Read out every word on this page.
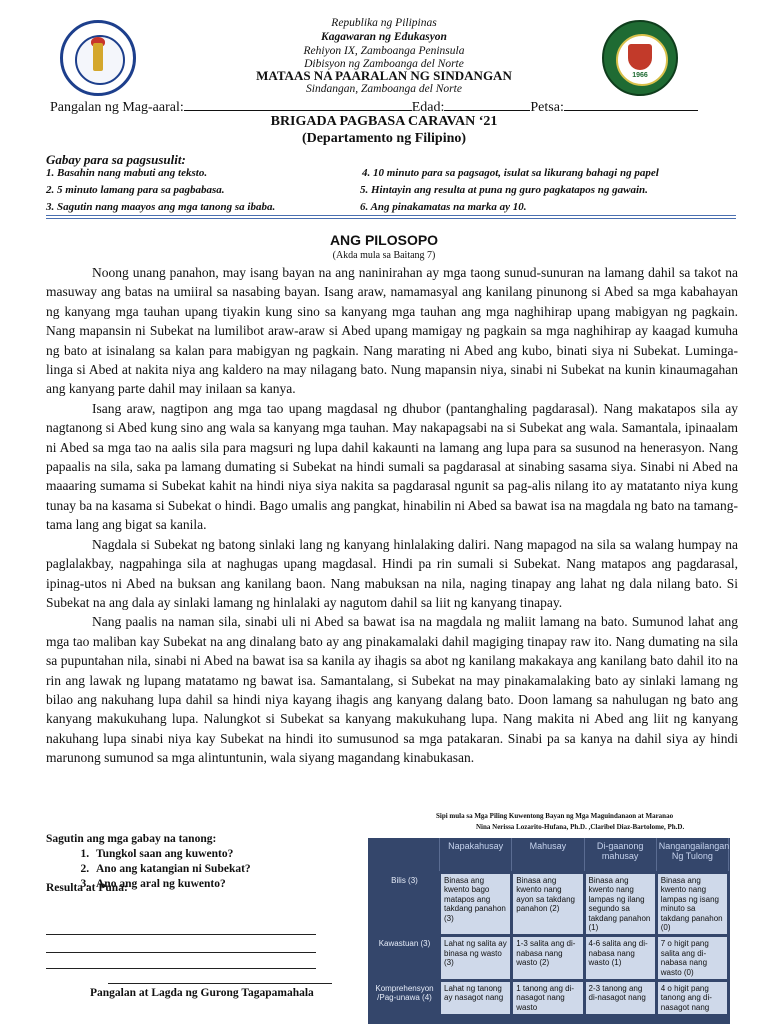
1966
Republika ng Pilipinas
Kagawaran ng Edukasyon
Rehiyon IX, Zamboanga Peninsula
Dibisyon ng Zamboanga del Norte
MATAAS NA PAARALAN NG SINDANGAN
Sindangan, Zamboanga del Norte
Pangalan ng Mag-aaral:	Edad:	Petsa:
BRIGADA PAGBASA CARAVAN ‘21
(Departamento ng Filipino)
Gabay para sa pagsusulit:
1. Basahin nang mabuti ang teksto.
2. 5 minuto lamang para sa pagbabasa.
3. Sagutin nang maayos ang mga tanong sa ibaba.
4. 10 minuto para sa pagsagot, isulat sa likurang bahagi ng papel
5. Hintayin ang resulta at puna ng guro pagkatapos ng gawain.
6. Ang pinakamatas na marka ay 10.
ANG PILOSOPO
(Akda mula sa Baitang 7)

Noong unang panahon, may isang bayan na ang naninirahan ay mga taong sunud-sunuran na lamang dahil sa takot na masuway ang batas na umiiral sa nasabing bayan. Isang araw, namamasyal ang kanilang pinunong si Abed sa mga kabahayan ng kanyang mga tauhan upang tiyakin kung sino sa kanyang mga tauhan ang mga naghihirap upang mabigyan ng pagkain. Nang mapansin ni Subekat na lumilibot araw-araw si Abed upang mamigay ng pagkain sa mga naghihirap ay kaagad kumuha ng bato at isinalang sa kalan para mabigyan ng pagkain. Nang marating ni Abed ang kubo, binati siya ni Subekat. Luminga-linga si Abed at nakita niya ang kaldero na may nilagang bato. Nung mapansin niya, sinabi ni Subekat na kunin kinaumagahan ang kanyang parte dahil may inilaan sa kanya.

Isang araw, nagtipon ang mga tao upang magdasal ng dhubor (pantanghaling pagdarasal). Nang makatapos sila ay nagtanong si Abed kung sino ang wala sa kanyang mga tauhan. May nakapagsabi na si Subekat ang wala. Samantala, ipinaalam ni Abed sa mga tao na aalis sila para magsuri ng lupa dahil kakaunti na lamang ang lupa para sa susunod na henerasyon. Nang papaalis na sila, saka pa lamang dumating si Subekat na hindi sumali sa pagdarasal at sinabing sasama siya. Sinabi ni Abed na maaaring sumama si Subekat kahit na hindi niya siya nakita sa pagdarasal ngunit sa pag-alis nilang ito ay matatanto niya kung tunay ba na kasama si Subekat o hindi. Bago umalis ang pangkat, hinabilin ni Abed sa bawat isa na magdala ng bato na tamang-tama lang ang bigat sa kanila.

Nagdala si Subekat ng batong sinlaki lang ng kanyang hinlalaking daliri. Nang mapagod na sila sa walang humpay na paglalakbay, nagpahinga sila at naghugas upang magdasal. Hindi pa rin sumali si Subekat. Nang matapos ang pagdarasal, ipinag-utos ni Abed na buksan ang kanilang baon. Nang mabuksan na nila, naging tinapay ang lahat ng dala nilang bato. Si Subekat na ang dala ay sinlaki lamang ng hinlalaki ay nagutom dahil sa liit ng kanyang tinapay.

Nang paalis na naman sila, sinabi uli ni Abed sa bawat isa na magdala ng maliit lamang na bato. Sumunod lahat ang mga tao maliban kay Subekat na ang dinalang bato ay ang pinakamalaki dahil magiging tinapay raw ito. Nang dumating na sila sa pupuntahan nila, sinabi ni Abed na bawat isa sa kanila ay ihagis sa abot ng kanilang makakaya ang kanilang bato dahil ito na rin ang lawak ng lupang matatamo ng bawat isa. Samantalang, si Subekat na may pinakamalaking bato ay sinlaki lamang ng bilao ang nakuhang lupa dahil sa hindi niya kayang ihagis ang kanyang dalang bato. Doon lamang sa nahulugan ng bato ang kanyang makukuhang lupa. Nalungkot si Subekat sa kanyang makukuhang lupa. Nang makita ni Abed ang liit ng kanyang nakuhang lupa sinabi niya kay Subekat na hindi ito sumusunod sa mga patakaran. Sinabi pa sa kanya na dahil siya ay hindi marunong sumunod sa mga alintuntunin, wala siyang magandang kinabukasan.

Sipi mula sa Mga Piling Kuwentong Bayan ng Mga Maguindanaon at Maranao
Nina Nerissa Lozarito-Hufana, Ph.D. ,Claribel Diaz-Bartolome, Ph.D.
Sagutin ang mga gabay na tanong:
1. Tungkol saan ang kuwento?
2. Ano ang katangian ni Subekat?
3. Ano ang aral ng kuwento?
Resulta at Puna:
Pangalan at Lagda ng Gurong Tagapamahala
	Napakahusay	Mahusay	Di-gaanong mahusay	Nangangailangan Ng Tulong
Bilis (3)	Binasa ang kwento bago matapos ang takdang panahon (3)	Binasa ang kwento nang ayon sa takdang panahon (2)	Binasa ang kwento nang lampas ng ilang segundo sa takdang panahon (1)	Binasa ang kwento nang lampas ng isang minuto sa takdang panahon (0)
Kawastuan (3)	Lahat ng salita ay binasa ng wasto (3)	1-3 salita ang di-nabasa nang wasto (2)	4-6 salita ang di-nabasa nang wasto (1)	7 o higit pang salita ang di-nabasa nang wasto (0)
Komprehensyon /Pag-unawa (4)	Lahat ng tanong ay nasagot nang	1 tanong ang di-nasagot nang wasto	2-3 tanong ang di-nasagot nang	4 o higit pang tanong ang di-nasagot nang
